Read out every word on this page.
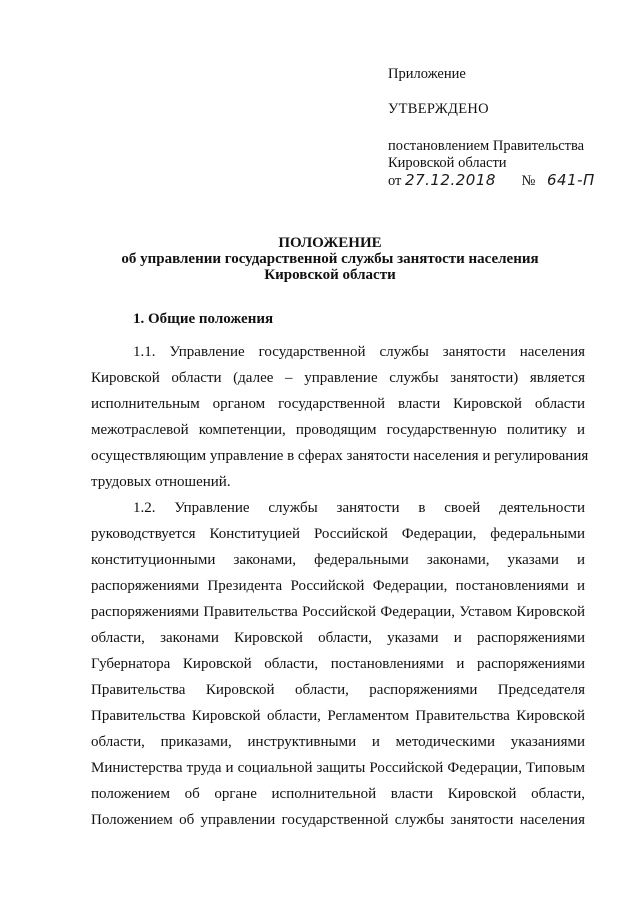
Приложение
УТВЕРЖДЕНО
постановлением Правительства
Кировской области
от 27.12.2018 № 641-П
ПОЛОЖЕНИЕ
об управлении государственной службы занятости населения
Кировской области
1. Общие положения
1.1. Управление государственной службы занятости населения
Кировской области (далее – управление службы занятости) является
исполнительным органом государственной власти Кировской области
межотраслевой компетенции, проводящим государственную политику и
осуществляющим управление в сферах занятости населения и регулирования
трудовых отношений.
1.2. Управление службы занятости в своей деятельности
руководствуется Конституцией Российской Федерации, федеральными
конституционными законами, федеральными законами, указами и
распоряжениями Президента Российской Федерации, постановлениями и
распоряжениями Правительства Российской Федерации, Уставом Кировской
области, законами Кировской области, указами и распоряжениями
Губернатора Кировской области, постановлениями и распоряжениями
Правительства Кировской области, распоряжениями Председателя
Правительства Кировской области, Регламентом Правительства Кировской
области, приказами, инструктивными и методическими указаниями
Министерства труда и социальной защиты Российской Федерации, Типовым
положением об органе исполнительной власти Кировской области,
Положением об управлении государственной службы занятости населения
